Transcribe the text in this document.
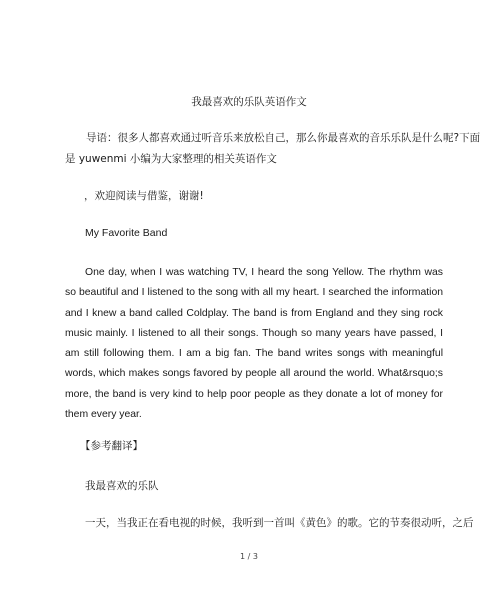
我最喜欢的乐队英语作文
导语：很多人都喜欢通过听音乐来放松自己，那么你最喜欢的音乐乐队是什么呢?下面
是 yuwenmi 小编为大家整理的相关英语作文
，欢迎阅读与借鉴，谢谢!
My Favorite Band

One day, when I was watching TV, I heard the song Yellow. The rhythm was so beautiful and I listened to the song with all my heart. I searched the information and I knew a band called Coldplay. The band is from England and they sing rock music mainly. I listened to all their songs. Though so many years have passed, I am still following them. I am a big fan. The band writes songs with meaningful words, which makes songs favored by people all around the world. What&rsquo;s more, the band is very kind to help poor people as they donate a lot of money for them every year.

【参考翻译】
我最喜欢的乐队
一天，当我正在看电视的时候，我听到一首叫《黄色》的歌。它的节奏很动听，之后
1 / 3
